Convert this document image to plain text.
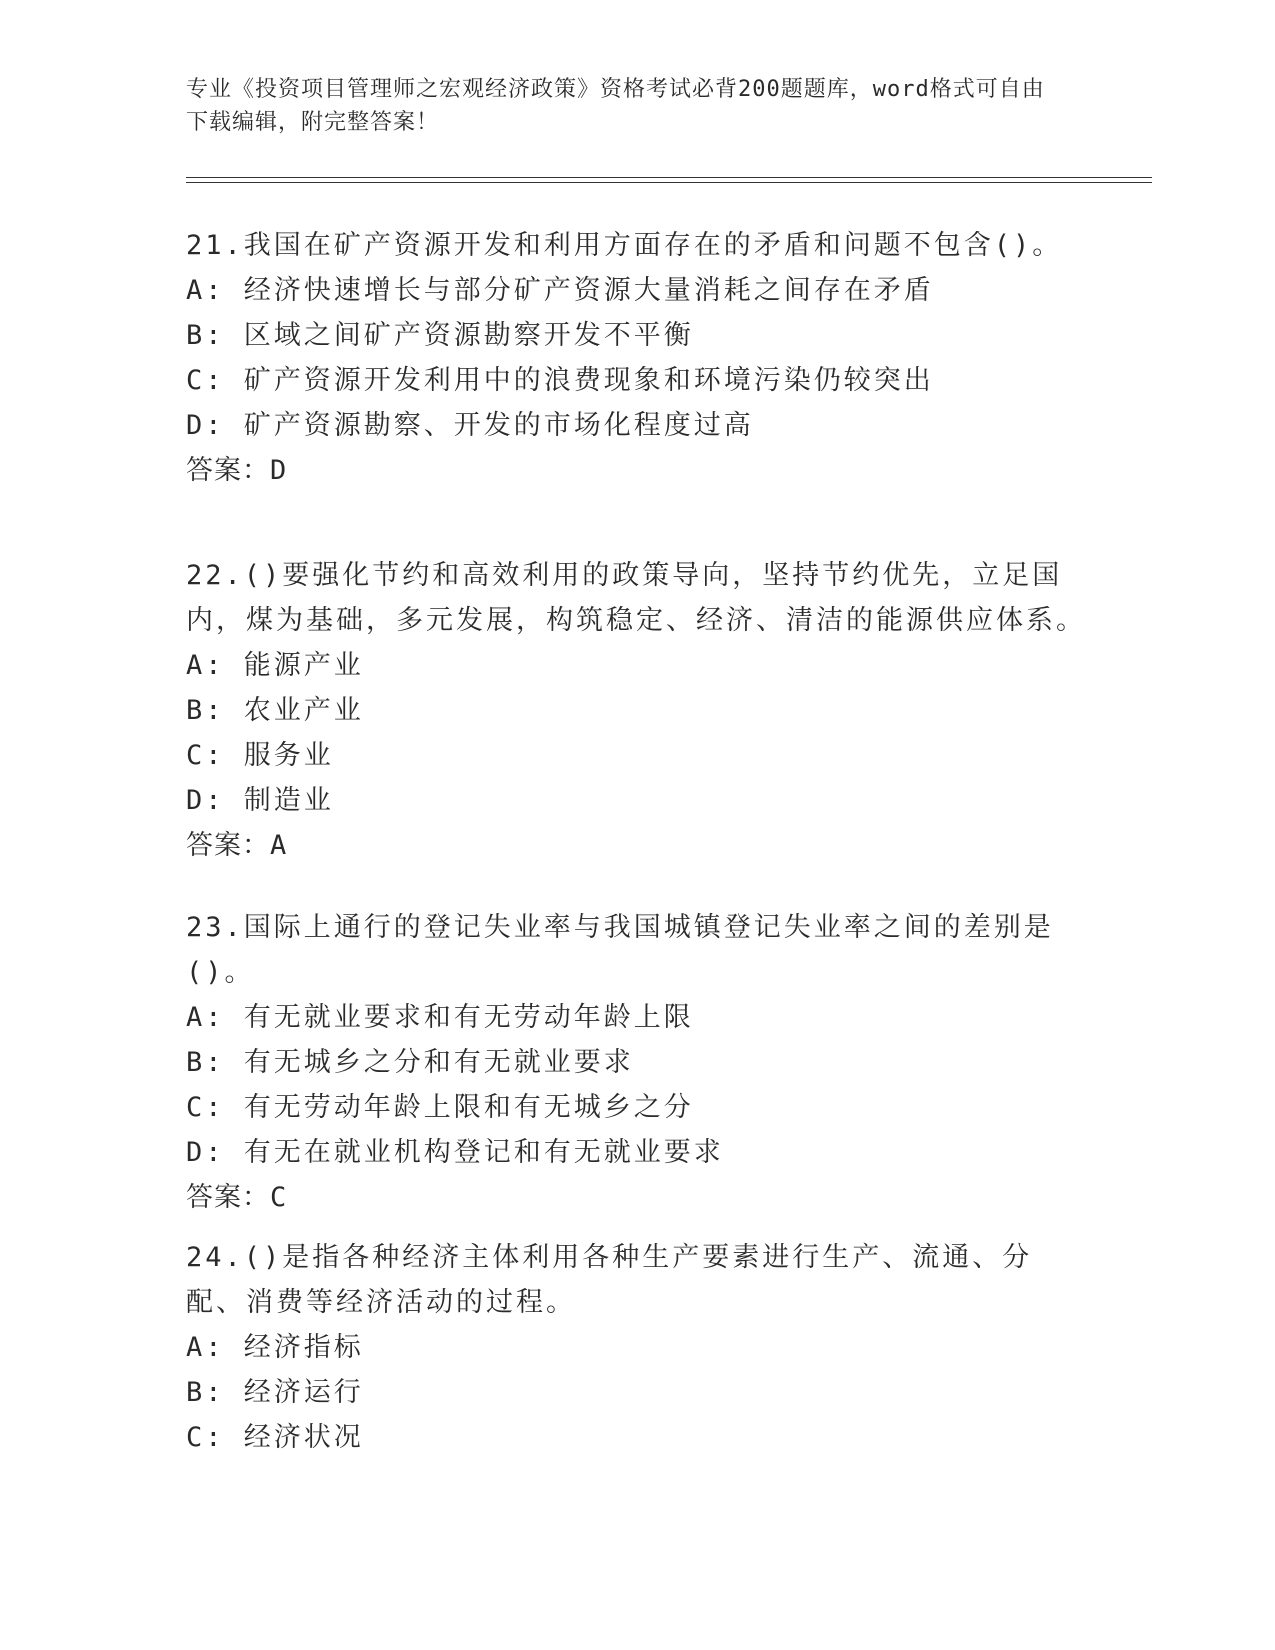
专业《投资项目管理师之宏观经济政策》资格考试必背200题题库，word格式可自由下载编辑，附完整答案！

21.我国在矿产资源开发和利用方面存在的矛盾和问题不包含()。

A: 经济快速增长与部分矿产资源大量消耗之间存在矛盾

B: 区域之间矿产资源勘察开发不平衡

C: 矿产资源开发利用中的浪费现象和环境污染仍较突出

D: 矿产资源勘察、开发的市场化程度过高

答案：D

22.()要强化节约和高效利用的政策导向，坚持节约优先，立足国内，煤为基础，多元发展，构筑稳定、经济、清洁的能源供应体系。

A: 能源产业

B: 农业产业

C: 服务业

D: 制造业

答案：A

23.国际上通行的登记失业率与我国城镇登记失业率之间的差别是()。

A: 有无就业要求和有无劳动年龄上限

B: 有无城乡之分和有无就业要求

C: 有无劳动年龄上限和有无城乡之分

D: 有无在就业机构登记和有无就业要求

答案：C

24.()是指各种经济主体利用各种生产要素进行生产、流通、分配、消费等经济活动的过程。

A: 经济指标

B: 经济运行

C: 经济状况
